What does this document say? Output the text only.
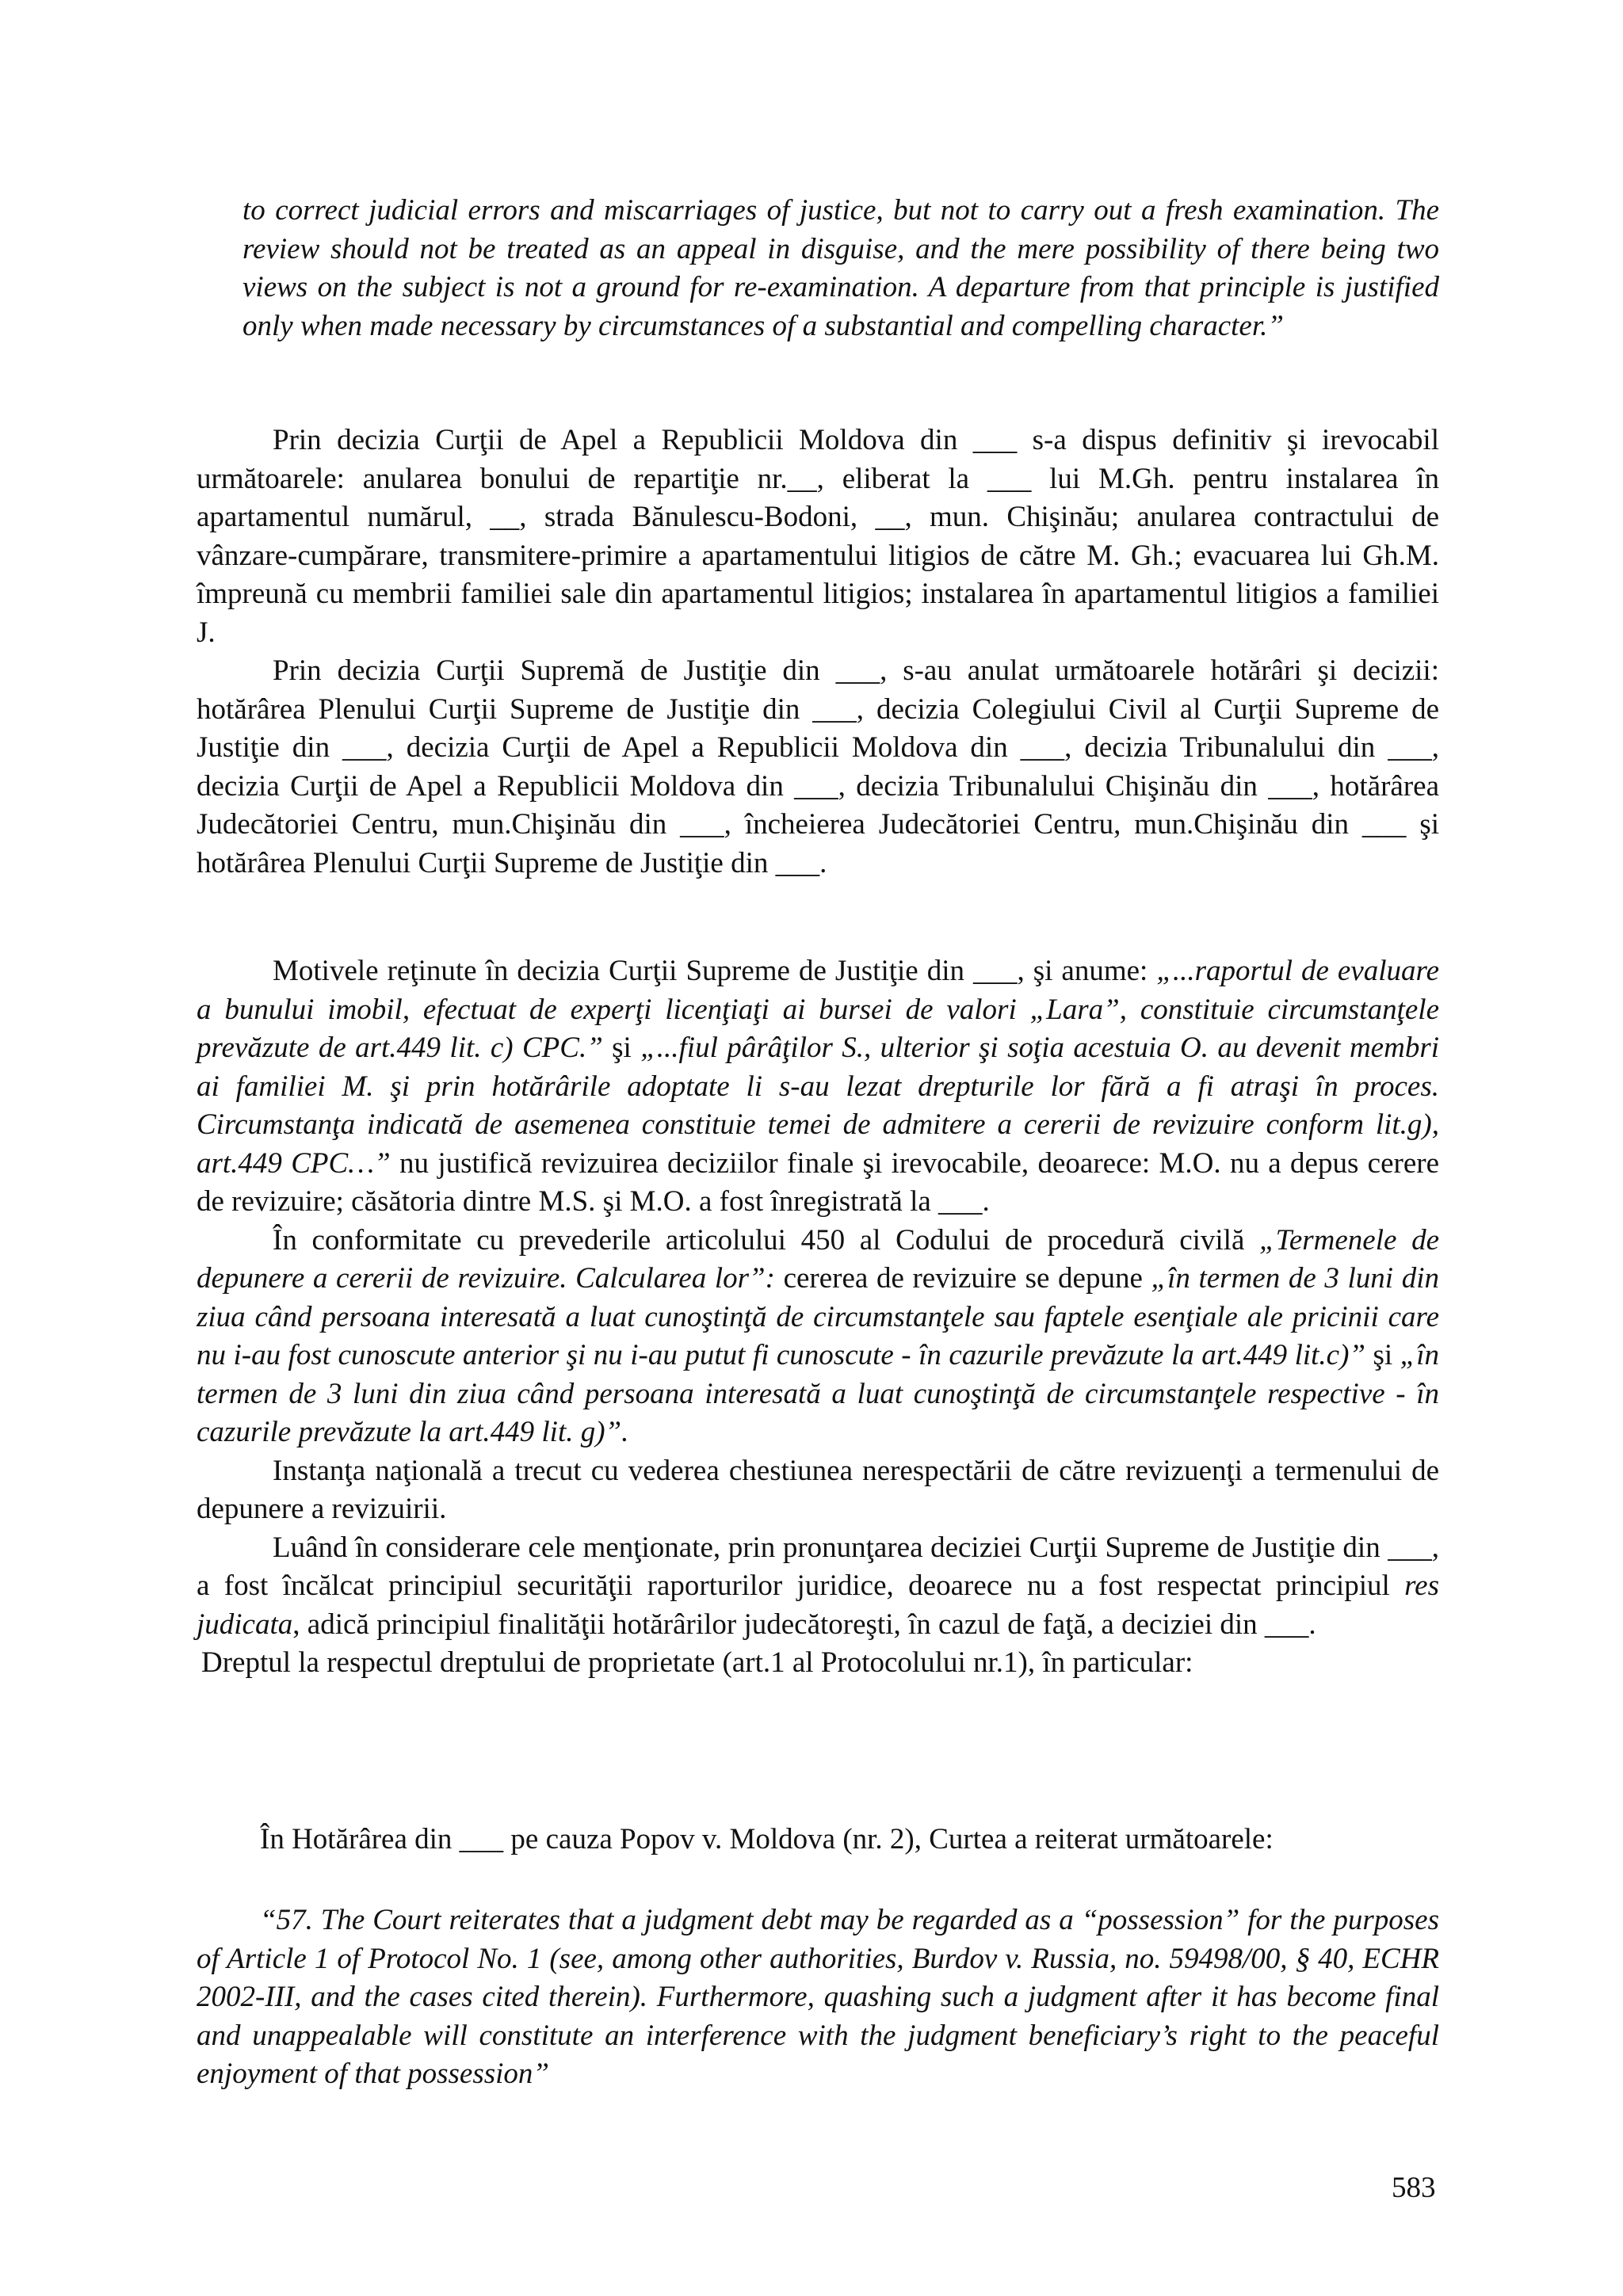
to correct judicial errors and miscarriages of justice, but not to carry out a fresh examination. The review should not be treated as an appeal in disguise, and the mere possibility of there being two views on the subject is not a ground for re-examination. A departure from that principle is justified only when made necessary by circumstances of a substantial and compelling character.”

Prin decizia Curţii de Apel a Republicii Moldova din ___ s-a dispus definitiv şi irevocabil următoarele: anularea bonului de repartiţie nr.__, eliberat la ___ lui M.Gh. pentru instalarea în apartamentul numărul, __, strada Bănulescu-Bodoni, __, mun. Chişinău; anularea contractului de vânzare-cumpărare, transmitere-primire a apartamentului litigios de către M. Gh.; evacuarea lui Gh.M. împreună cu membrii familiei sale din apartamentul litigios; instalarea în apartamentul litigios a familiei J.

Prin decizia Curţii Supremă de Justiţie din ___, s-au anulat următoarele hotărâri şi decizii: hotărârea Plenului Curţii Supreme de Justiţie din ___, decizia Colegiului Civil al Curţii Supreme de Justiţie din ___, decizia Curţii de Apel a Republicii Moldova din ___, decizia Tribunalului din ___, decizia Curţii de Apel a Republicii Moldova din ___, decizia Tribunalului Chişinău din ___, hotărârea Judecătoriei Centru, mun.Chişinău din ___, încheierea Judecătoriei Centru, mun.Chişinău din ___ şi hotărârea Plenului Curţii Supreme de Justiţie din ___.

Motivele reţinute în decizia Curţii Supreme de Justiţie din ___, şi anume: „...raportul de evaluare a bunului imobil, efectuat de experţi licenţiaţi ai bursei de valori „Lara”, constituie circumstanţele prevăzute de art.449 lit. c) CPC.” şi „...fiul pârâţilor S., ulterior şi soţia acestuia O. au devenit membri ai familiei M. şi prin hotărârile adoptate li s-au lezat drepturile lor fără a fi atraşi în proces. Circumstanţa indicată de asemenea constituie temei de admitere a cererii de revizuire conform lit.g), art.449 CPC…” nu justifică revizuirea deciziilor finale şi irevocabile, deoarece: M.O. nu a depus cerere de revizuire; căsătoria dintre M.S. şi M.O. a fost înregistrată la ___.

În conformitate cu prevederile articolului 450 al Codului de procedură civilă „Termenele de depunere a cererii de revizuire. Calcularea lor”: cererea de revizuire se depune „în termen de 3 luni din ziua când persoana interesată a luat cunoştinţă de circumstanţele sau faptele esenţiale ale pricinii care nu i-au fost cunoscute anterior şi nu i-au putut fi cunoscute - în cazurile prevăzute la art.449 lit.c)” şi „în termen de 3 luni din ziua când persoana interesată a luat cunoştinţă de circumstanţele respective - în cazurile prevăzute la art.449 lit. g)”.

Instanţa naţională a trecut cu vederea chestiunea nerespectării de către revizuenţi a termenului de depunere a revizuirii.

Luând în considerare cele menţionate, prin pronunţarea deciziei Curţii Supreme de Justiţie din ___, a fost încălcat principiul securităţii raporturilor juridice, deoarece nu a fost respectat principiul res judicata, adică principiul finalităţii hotărârilor judecătoreşti, în cazul de faţă, a deciziei din ___.

Dreptul la respectul dreptului de proprietate (art.1 al Protocolului nr.1), în particular:

În Hotărârea din ___ pe cauza Popov v. Moldova (nr. 2), Curtea a reiterat următoarele:

“57. The Court reiterates that a judgment debt may be regarded as a “possession” for the purposes of Article 1 of Protocol No. 1 (see, among other authorities, Burdov v. Russia, no. 59498/00, § 40, ECHR 2002-III, and the cases cited therein). Furthermore, quashing such a judgment after it has become final and unappealable will constitute an interference with the judgment beneficiary’s right to the peaceful enjoyment of that possession”

583
